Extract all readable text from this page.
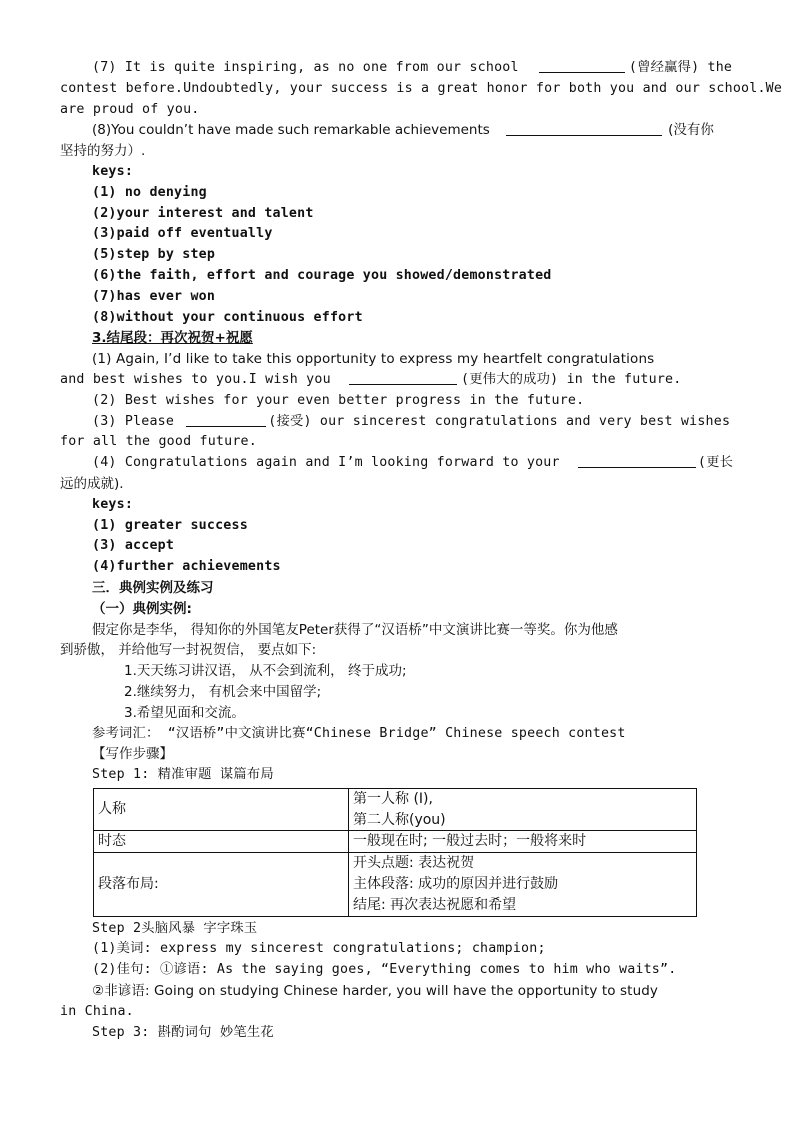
(7) It is quite inspiring, as no one from our school	(曾经赢得) the
contest before.Undoubtedly, your success is a great honor for both you and our school.We
are proud of you.
(8)You couldn’t have made such remarkable achievements	(没有你
坚持的努力）.
keys:
(1) no denying
(2)your interest and talent
(3)paid off eventually
(5)step by step
(6)the faith, effort and courage you showed/demonstrated
(7)has ever won
(8)without your continuous effort
3.结尾段：再次祝贺+祝愿
(1) Again, I’d like to take this opportunity to express my heartfelt congratulations
and best wishes to you.I wish you	(更伟大的成功) in the future.
(2) Best wishes for your even better progress in the future.
(3) Please	(接受) our sincerest congratulations and very best wishes
for all the good future.
(4) Congratulations again and I’m looking forward to your	(更长
远的成就).
keys:
(1) greater success
(3) accept
(4)further achievements
三．典例实例及练习
（一）典例实例:
假定你是李华， 得知你的外国笔友Peter获得了“汉语桥”中文演讲比赛一等奖。你为他感
到骄傲， 并给他写一封祝贺信， 要点如下:
1.天天练习讲汉语， 从不会到流利， 终于成功;
2.继续努力， 有机会来中国留学;
3.希望见面和交流。
参考词汇： “汉语桥”中文演讲比赛“Chinese Bridge” Chinese speech contest
【写作步骤】
Step 1: 精准审题 谋篇布局
人称	第一人称 (I),
第二人称(you)

时态	一般现在时; 一般过去时；一般将来时

段落布局:	开头点题: 表达祝贺
主体段落: 成功的原因并进行鼓励
结尾: 再次表达祝愿和希望
Step 2头脑风暴 字字珠玉
(1)美词: express my sincerest congratulations; champion;
(2)佳句: ①谚语: As the saying goes, “Everything comes to him who waits”.
②非谚语: Going on studying Chinese harder, you will have the opportunity to study
in China.
Step 3: 斟酌词句 妙笔生花
